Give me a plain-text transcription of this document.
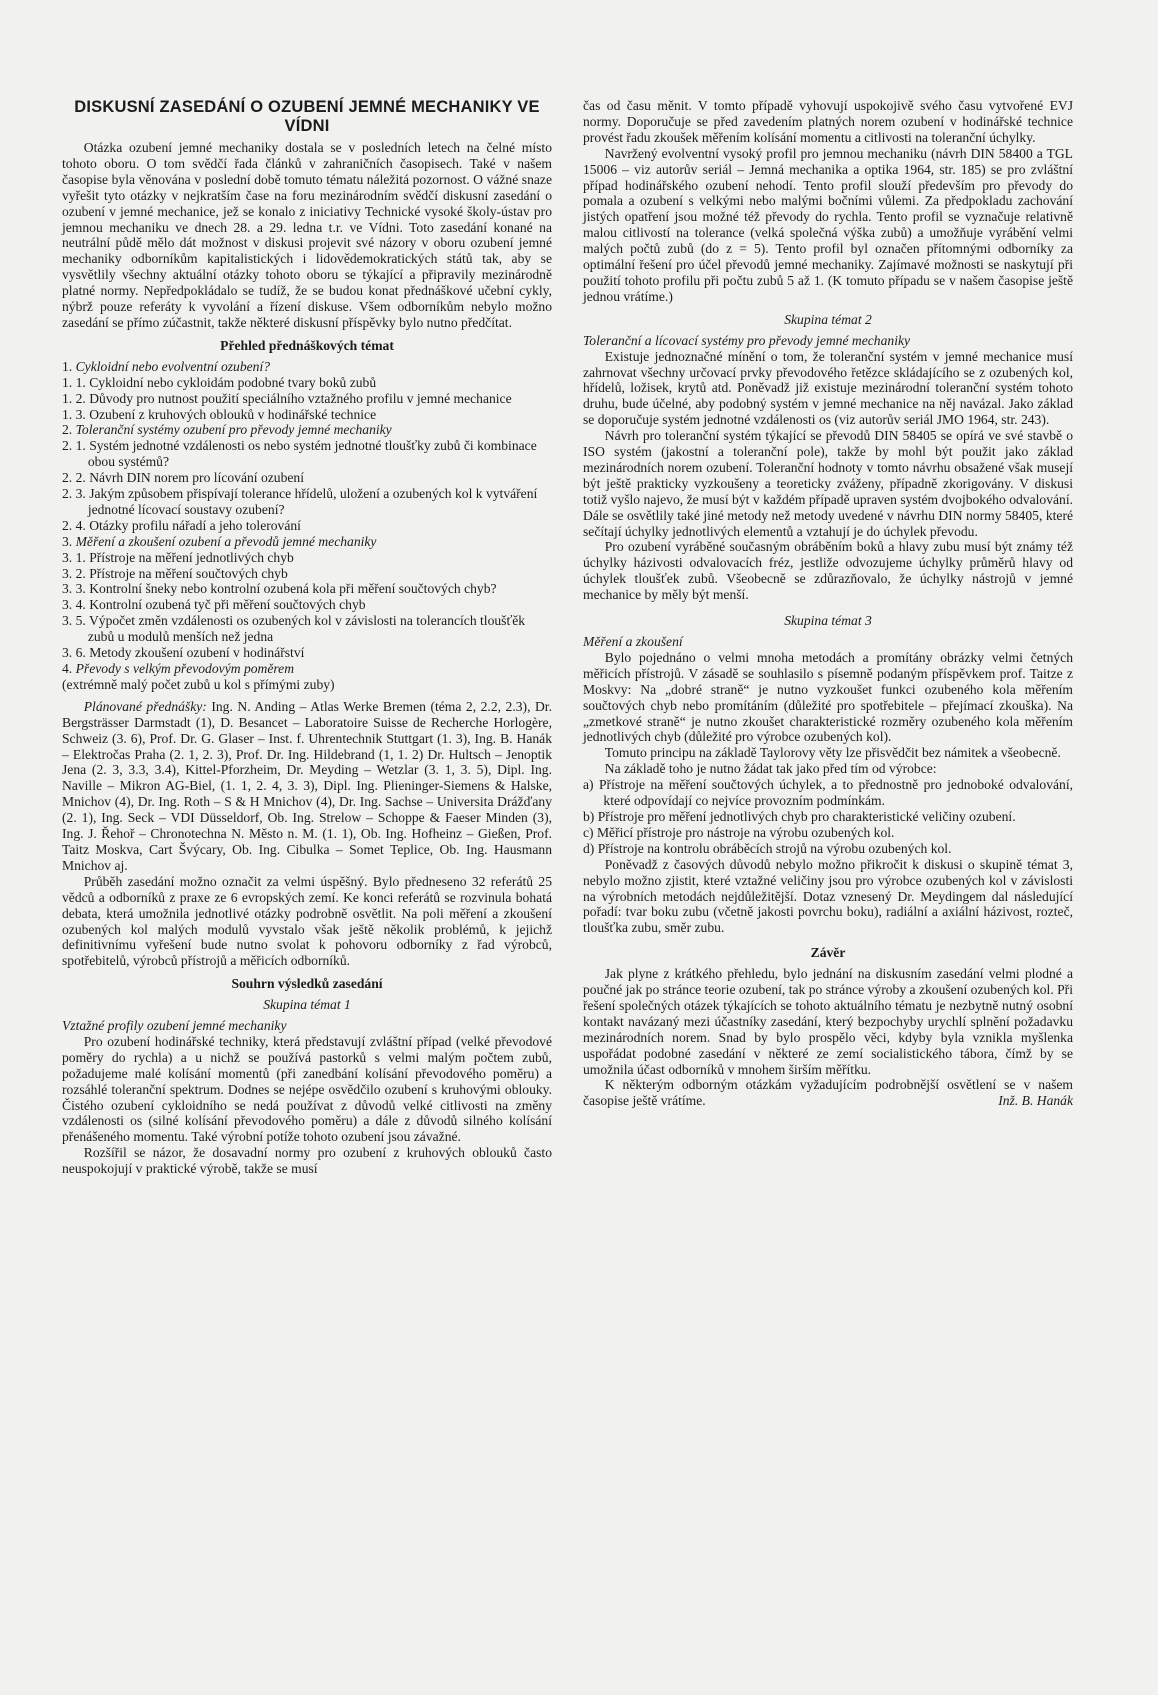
DISKUSNÍ ZASEDÁNÍ O OZUBENÍ JEMNÉ MECHANIKY VE VÍDNI

Otázka ozubení jemné mechaniky dostala se v posledních letech na čelné místo tohoto oboru. O tom svědčí řada článků v zahraničních časopisech. Také v našem časopise byla věnována v poslední době tomuto tématu náležitá pozornost. O vážné snaze vyřešit tyto otázky v nejkratším čase na foru mezinárodním svědčí diskusní zasedání o ozubení v jemné mechanice, jež se konalo z iniciativy Technické vysoké školy-ústav pro jemnou mechaniku ve dnech 28. a 29. ledna t.r. ve Vídni. Toto zasedání konané na neutrální půdě mělo dát možnost v diskusi projevit své názory v oboru ozubení jemné mechaniky odborníkům kapitalistických i lidovědemokratických států tak, aby se vysvětlily všechny aktuální otázky tohoto oboru se týkající a připravily mezinárodně platné normy. Nepředpokládalo se tudíž, že se budou konat přednáškové učební cykly, nýbrž pouze referáty k vyvolání a řízení diskuse. Všem odborníkům nebylo možno zasedání se přímo zúčastnit, takže některé diskusní příspěvky bylo nutno předčítat.

Přehled přednáškových témat
1. Cykloidní nebo evolventní ozubení?
1. 1. Cykloidní nebo cykloidám podobné tvary boků zubů
1. 2. Důvody pro nutnost použití speciálního vztažného profilu v jemné mechanice
1. 3. Ozubení z kruhových oblouků v hodinářské technice
2. Toleranční systémy ozubení pro převody jemné mechaniky
2. 1. Systém jednotné vzdálenosti os nebo systém jednotné tloušťky zubů či kombinace obou systémů?
2. 2. Návrh DIN norem pro lícování ozubení
2. 3. Jakým způsobem přispívají tolerance hřídelů, uložení a ozubených kol k vytváření jednotné lícovací soustavy ozubení?
2. 4. Otázky profilu nářadí a jeho tolerování
3. Měření a zkoušení ozubení a převodů jemné mechaniky
3. 1. Přístroje na měření jednotlivých chyb
3. 2. Přístroje na měření součtových chyb
3. 3. Kontrolní šneky nebo kontrolní ozubená kola při měření součtových chyb?
3. 4. Kontrolní ozubená tyč při měření součtových chyb
3. 5. Výpočet změn vzdálenosti os ozubených kol v závislosti na tolerancích tloušťěk zubů u modulů menších než jedna
3. 6. Metody zkoušení ozubení v hodinářství
4. Převody s velkým převodovým poměrem
(extrémně malý počet zubů u kol s přímými zuby)

Plánované přednášky: Ing. N. Anding – Atlas Werke Bremen (téma 2, 2.2, 2.3), Dr. Bergsträsser Darmstadt (1), D. Besancet – Laboratoire Suisse de Recherche Horlogère, Schweiz (3. 6), Prof. Dr. G. Glaser – Inst. f. Uhrentechnik Stuttgart (1. 3), Ing. B. Hanák – Elektročas Praha (2. 1, 2. 3), Prof. Dr. Ing. Hildebrand (1, 1. 2) Dr. Hultsch – Jenoptik Jena (2. 3, 3.3, 3.4), Kittel-Pforzheim, Dr. Meyding – Wetzlar (3. 1, 3. 5), Dipl. Ing. Naville – Mikron AG-Biel, (1. 1, 2. 4, 3. 3), Dipl. Ing. Plieninger-Siemens & Halske, Mnichov (4), Dr. Ing. Roth – S & H Mnichov (4), Dr. Ing. Sachse – Universita Drážďany (2. 1), Ing. Seck – VDI Düsseldorf, Ob. Ing. Strelow – Schoppe & Faeser Minden (3), Ing. J. Řehoř – Chronotechna N. Město n. M. (1. 1), Ob. Ing. Hofheinz – Gießen, Prof. Taitz Moskva, Cart Švýcary, Ob. Ing. Cibulka – Somet Teplice, Ob. Ing. Hausmann Mnichov aj.

Průběh zasedání možno označit za velmi úspěšný. Bylo předneseno 32 referátů 25 vědců a odborníků z praxe ze 6 evropských zemí. Ke konci referátů se rozvinula bohatá debata, která umožnila jednotlivé otázky podrobně osvětlit. Na poli měření a zkoušení ozubených kol malých modulů vyvstalo však ještě několik problémů, k jejichž definitivnímu vyřešení bude nutno svolat k pohovoru odborníky z řad výrobců, spotřebitelů, výrobců přístrojů a měřicích odborníků.

Souhrn výsledků zasedání
Skupina témat 1
Vztažné profily ozubení jemné mechaniky

Pro ozubení hodinářské techniky, která představují zvláštní případ (velké převodové poměry do rychla) a u nichž se používá pastorků s velmi malým počtem zubů, požadujeme malé kolísání momentů (při zanedbání kolísání převodového poměru) a rozsáhlé toleranční spektrum. Dodnes se nejépe osvědčilo ozubení s kruhovými oblouky. Čistého ozubení cykloidního se nedá používat z důvodů velké citlivosti na změny vzdálenosti os (silné kolísání převodového poměru) a dále z důvodů silného kolísání přenášeného momentu. Také výrobní potíže tohoto ozubení jsou závažné.

Rozšířil se názor, že dosavadní normy pro ozubení z kruhových oblouků často neuspokojují v praktické výrobě, takže se musí

čas od času měnit. V tomto případě vyhovují uspokojivě svého času vytvořené EVJ normy. Doporučuje se před zavedením platných norem ozubení v hodinářské technice provést řadu zkoušek měřením kolísání momentu a citlivosti na toleranční úchylky.

Navržený evolventní vysoký profil pro jemnou mechaniku (návrh DIN 58400 a TGL 15006 – viz autorův seriál – Jemná mechanika a optika 1964, str. 185) se pro zvláštní případ hodinářského ozubení nehodí. Tento profil slouží především pro převody do pomala a ozubení s velkými nebo malými bočními vůlemi. Za předpokladu zachování jistých opatření jsou možné též převody do rychla. Tento profil se vyznačuje relativně malou citlivostí na tolerance (velká společná výška zubů) a umožňuje vyrábění velmi malých počtů zubů (do z = 5). Tento profil byl označen přítomnými odborníky za optimální řešení pro účel převodů jemné mechaniky. Zajímavé možnosti se naskytují při použití tohoto profilu při počtu zubů 5 až 1. (K tomuto případu se v našem časopise ještě jednou vrátíme.)

Skupina témat 2
Toleranční a lícovací systémy pro převody jemné mechaniky

Existuje jednoznačné mínění o tom, že toleranční systém v jemné mechanice musí zahrnovat všechny určovací prvky převodového řetězce skládajícího se z ozubených kol, hřídelů, ložisek, krytů atd. Poněvadž již existuje mezinárodní toleranční systém tohoto druhu, bude účelné, aby podobný systém v jemné mechanice na něj navázal. Jako základ se doporučuje systém jednotné vzdálenosti os (viz autorův seriál JMO 1964, str. 243).

Návrh pro toleranční systém týkající se převodů DIN 58405 se opírá ve své stavbě o ISO systém (jakostní a toleranční pole), takže by mohl být použit jako základ mezinárodních norem ozubení. Toleranční hodnoty v tomto návrhu obsažené však musejí být ještě prakticky vyzkoušeny a teoreticky zváženy, případně zkorigovány. V diskusi totiž vyšlo najevo, že musí být v každém případě upraven systém dvojbokého odvalování. Dále se osvětlily také jiné metody než metody uvedené v návrhu DIN normy 58405, které sečítají úchylky jednotlivých elementů a vztahují je do úchylek převodu.

Pro ozubení vyráběné současným obráběním boků a hlavy zubu musí být známy též úchylky házivosti odvalovacích fréz, jestliže odvozujeme úchylky průměrů hlavy od úchylek tloušťek zubů. Všeobecně se zdůrazňovalo, že úchylky nástrojů v jemné mechanice by měly být menší.

Skupina témat 3
Měření a zkoušení

Bylo pojednáno o velmi mnoha metodách a promítány obrázky velmi četných měřicích přístrojů. V zásadě se souhlasilo s písemně podaným příspěvkem prof. Taitze z Moskvy: Na „dobré straně“ je nutno vyzkoušet funkci ozubeného kola měřením součtových chyb nebo promítáním (důležité pro spotřebitele – přejímací zkouška). Na „zmetkové straně“ je nutno zkoušet charakteristické rozměry ozubeného kola měřením jednotlivých chyb (důležité pro výrobce ozubených kol).

Tomuto principu na základě Taylorovy věty lze přisvědčit bez námitek a všeobecně.

Na základě toho je nutno žádat tak jako před tím od výrobce:

a) Přístroje na měření součtových úchylek, a to přednostně pro jednoboké odvalování, které odpovídají co nejvíce provozním podmínkám.
b) Přístroje pro měření jednotlivých chyb pro charakteristické veličiny ozubení.
c) Měřicí přístroje pro nástroje na výrobu ozubených kol.
d) Přístroje na kontrolu obráběcích strojů na výrobu ozubených kol.

Poněvadž z časových důvodů nebylo možno přikročit k diskusi o skupině témat 3, nebylo možno zjistit, které vztažné veličiny jsou pro výrobce ozubených kol v závislosti na výrobních metodách nejdůležitější. Dotaz vznesený Dr. Meydingem dal následující pořadí: tvar boku zubu (včetně jakosti povrchu boku), radiální a axiální házivost, rozteč, tloušťka zubu, směr zubu.

Závěr

Jak plyne z krátkého přehledu, bylo jednání na diskusním zasedání velmi plodné a poučné jak po stránce teorie ozubení, tak po stránce výroby a zkoušení ozubených kol. Při řešení společných otázek týkajících se tohoto aktuálního tématu je nezbytně nutný osobní kontakt navázaný mezi účastníky zasedání, který bezpochyby urychlí splnění požadavku mezinárodních norem. Snad by bylo prospělo věci, kdyby byla vznikla myšlenka uspořádat podobné zasedání v některé ze zemí socialistického tábora, čímž by se umožnila účast odborníků v mnohem širším měřítku.

K některým odborným otázkám vyžadujícím podrobnější osvětlení se v našem časopise ještě vrátíme.	Inž. B. Hanák
